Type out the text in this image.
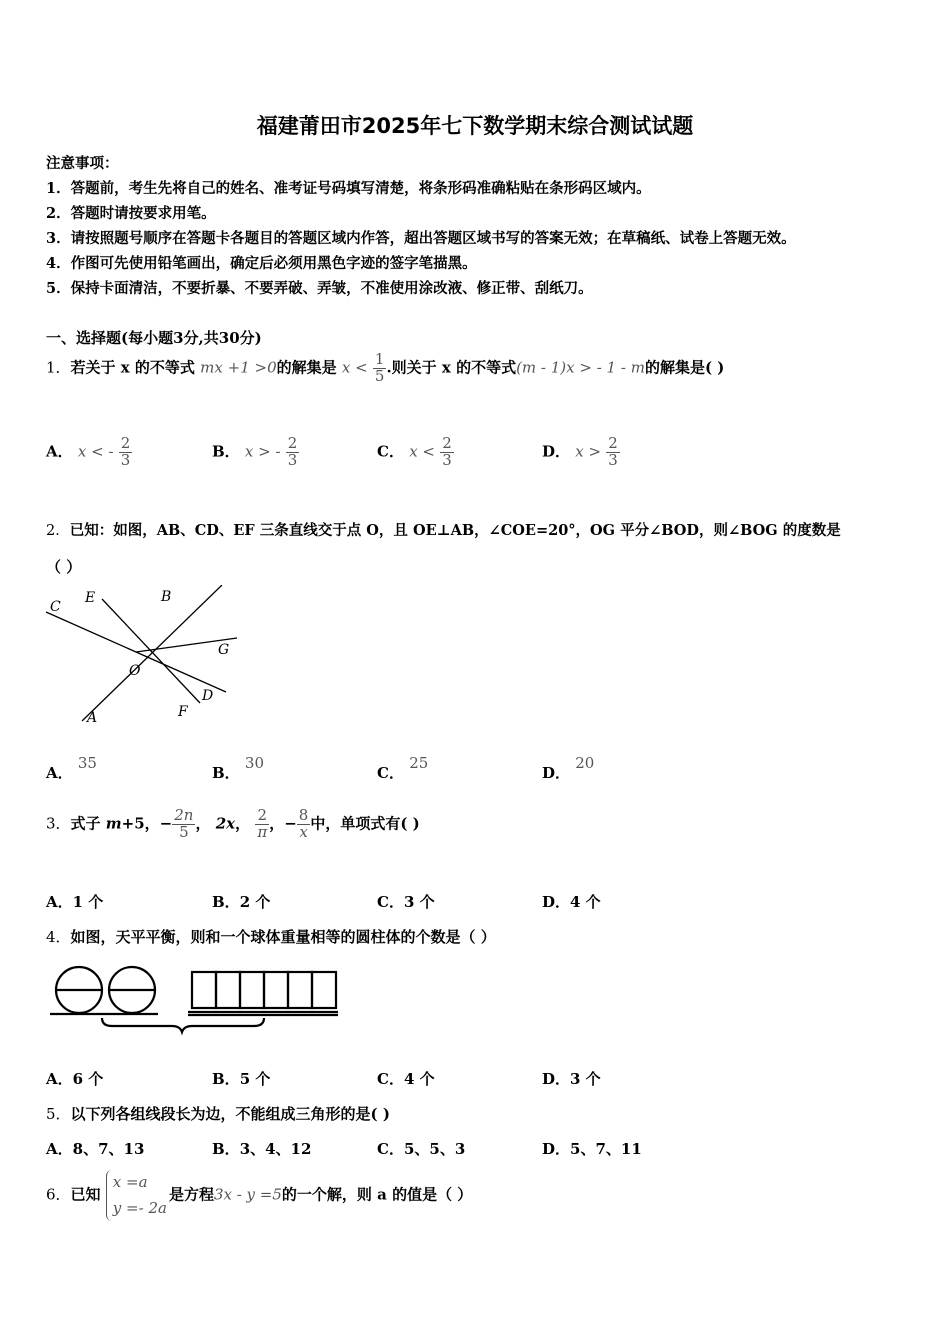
福建莆田市2025年七下数学期末综合测试试题
注意事项：
1．答题前，考生先将自己的姓名、准考证号码填写清楚，将条形码准确粘贴在条形码区域内。
2．答题时请按要求用笔。
3．请按照题号顺序在答题卡各题目的答题区域内作答，超出答题区域书写的答案无效；在草稿纸、试卷上答题无效。
4．作图可先使用铅笔画出，确定后必须用黑色字迹的签字笔描黑。
5．保持卡面清洁，不要折暴、不要弄破、弄皱，不准使用涂改液、修正带、刮纸刀。
一、选择题(每小题3分,共30分)
1．若关于 x 的不等式 mx +1 >0的解集是 $x < \frac{1}{5}$ .则关于 x 的不等式(m - 1)x > - 1 - m的解集是( )
A． x < - $\frac{2}{3}$	B． x > - $\frac{2}{3}$	C． $x < \frac{2}{3}$	D． $x > \frac{2}{3}$
2．已知：如图，AB、CD、EF 三条直线交于点 O，且 OE⊥AB，∠COE=20°，OG 平分∠BOD，则∠BOG 的度数是
（ ）
C
E	B
G
O
D
F
A
A． 35
B． 30
C． 25
D． 20
3．式子 m+5，− $\frac{2n}{5}$ ， 2x， $\frac{2}{\pi}$ ，− $\frac{8}{x}$ 中，单项式有( )
A．1 个	B．2 个	C．3 个	D．4 个
4．如图，天平平衡，则和一个球体重量相等的圆柱体的个数是（ ）
A．6 个	B．5 个	C．4 个	D．3 个
5．以下列各组线段长为边，不能组成三角形的是( )
A．8、7、13	B．3、4、12	C．5、5、3	D．5、7、11
6．已知
x =a
y =- 2a
是方程3x - y =5的一个解，则 a 的值是（ ）
